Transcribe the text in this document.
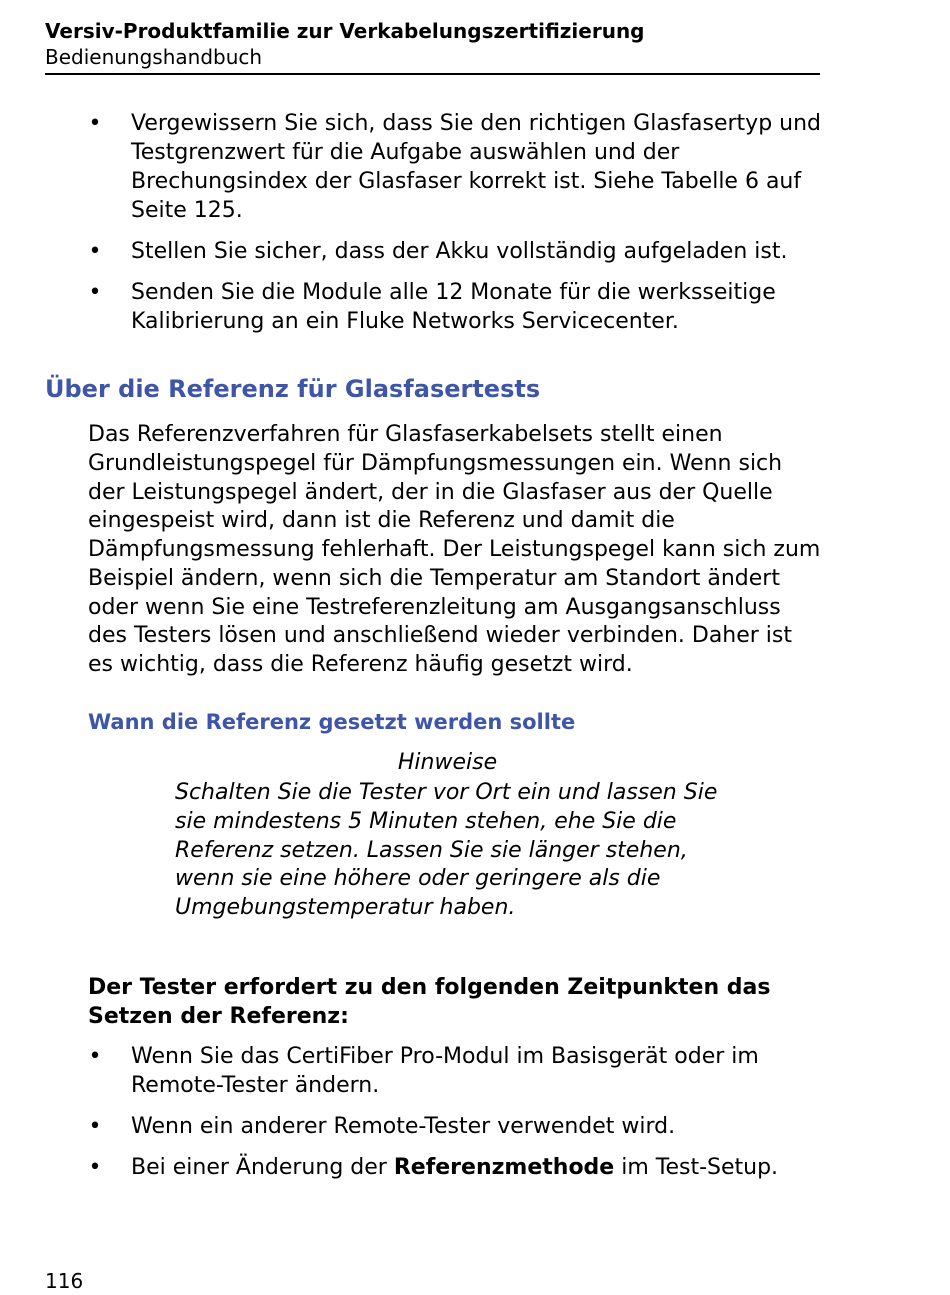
Versiv-Produktfamilie zur Verkabelungszertifizierung

Bedienungshandbuch

• Vergewissern Sie sich, dass Sie den richtigen Glasfasertyp und Testgrenzwert für die Aufgabe auswählen und der Brechungsindex der Glasfaser korrekt ist. Siehe Tabelle 6 auf Seite 125.
• Stellen Sie sicher, dass der Akku vollständig aufgeladen ist.
• Senden Sie die Module alle 12 Monate für die werksseitige Kalibrierung an ein Fluke Networks Servicecenter.
Über die Referenz für Glasfasertests

Das Referenzverfahren für Glasfaserkabelsets stellt einen Grundleistungspegel für Dämpfungsmessungen ein. Wenn sich der Leistungspegel ändert, der in die Glasfaser aus der Quelle eingespeist wird, dann ist die Referenz und damit die Dämpfungsmessung fehlerhaft. Der Leistungspegel kann sich zum Beispiel ändern, wenn sich die Temperatur am Standort ändert oder wenn Sie eine Testreferenzleitung am Ausgangsanschluss des Testers lösen und anschließend wieder verbinden. Daher ist es wichtig, dass die Referenz häufig gesetzt wird.

Wann die Referenz gesetzt werden sollte

Hinweise

Schalten Sie die Tester vor Ort ein und lassen Sie sie mindestens 5 Minuten stehen, ehe Sie die Referenz setzen. Lassen Sie sie länger stehen, wenn sie eine höhere oder geringere als die Umgebungstemperatur haben.

Der Tester erfordert zu den folgenden Zeitpunkten das Setzen der Referenz:

• Wenn Sie das CertiFiber Pro-Modul im Basisgerät oder im Remote-Tester ändern.
• Wenn ein anderer Remote-Tester verwendet wird.
• Bei einer Änderung der Referenzmethode im Test-Setup.

116
